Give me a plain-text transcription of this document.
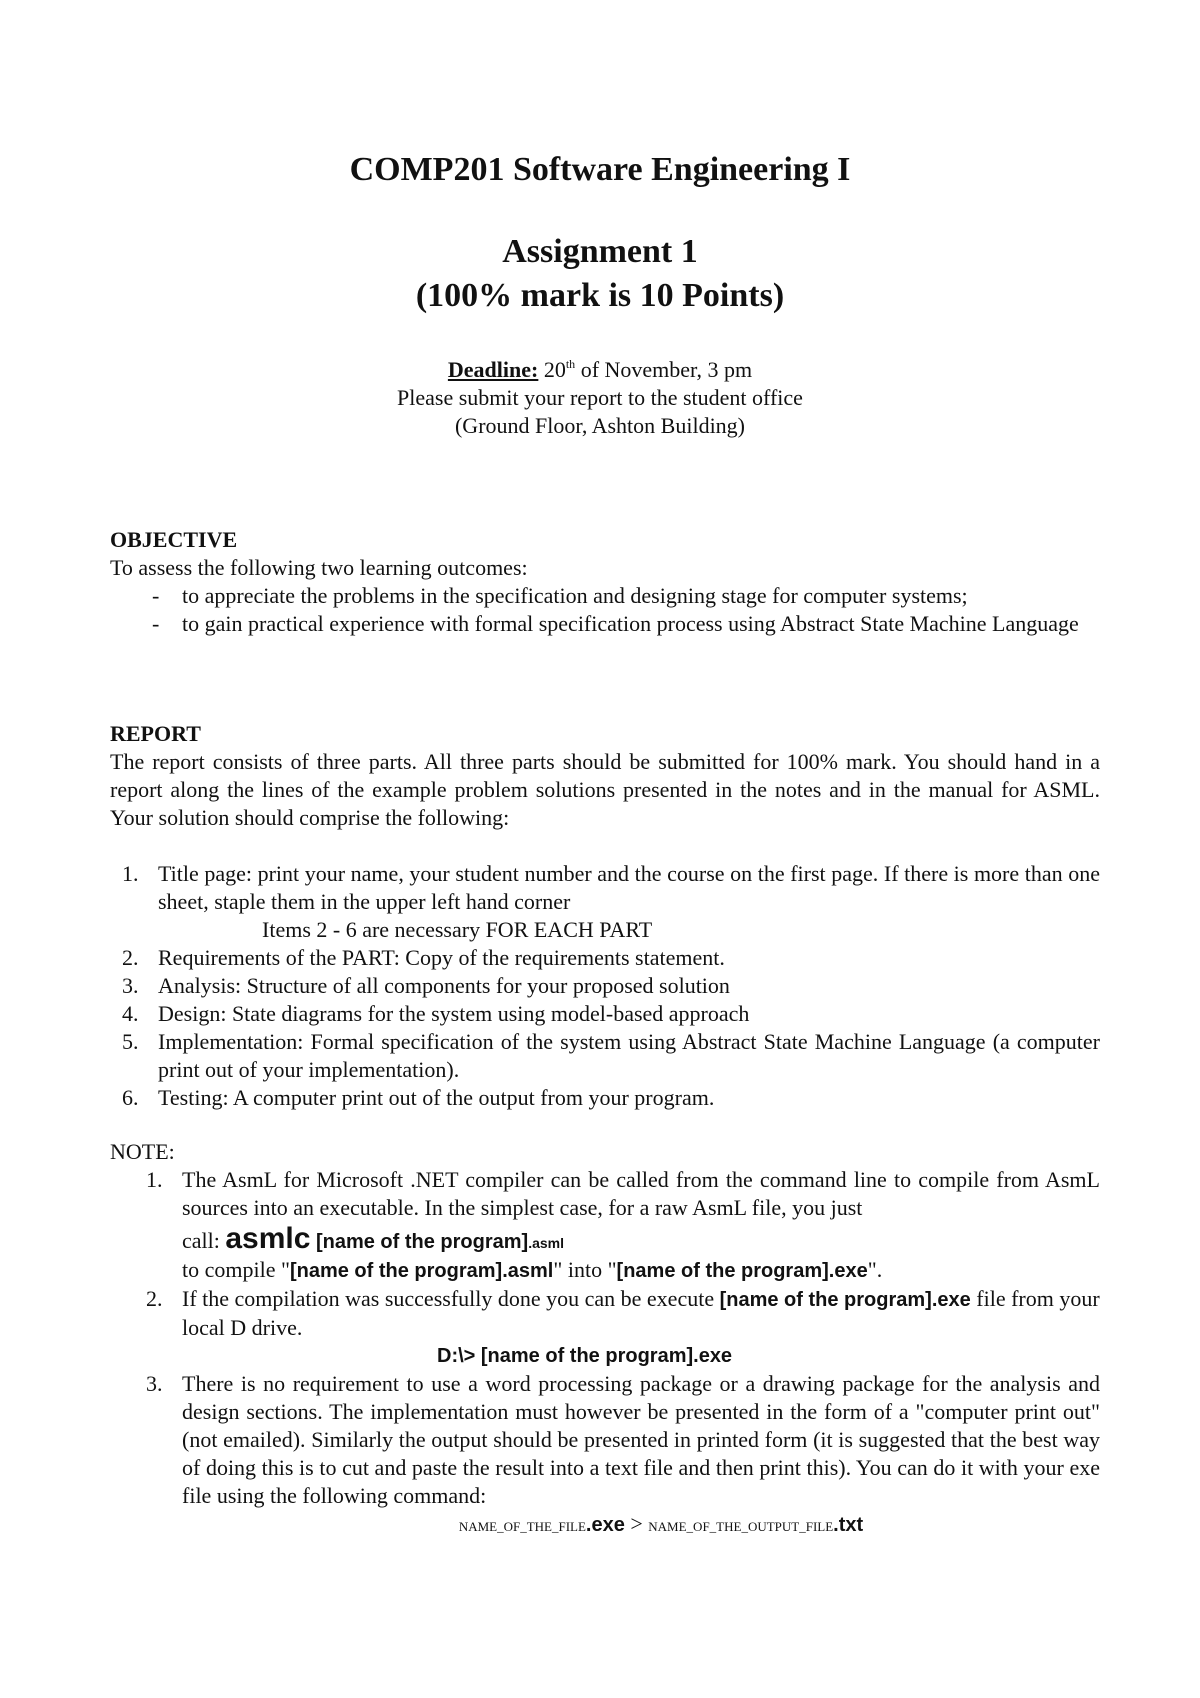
COMP201 Software Engineering I
Assignment 1
(100% mark is 10 Points)
Deadline: 20th of November, 3 pm
Please submit your report to the student office
(Ground Floor, Ashton Building)
OBJECTIVE
To assess the following two learning outcomes:
- to appreciate the problems in the specification and designing stage for computer systems;
- to gain practical experience with formal specification process using Abstract State Machine Language
REPORT
The report consists of three parts. All three parts should be submitted for 100% mark. You should hand in a report along the lines of the example problem solutions presented in the notes and in the manual for ASML. Your solution should comprise the following:
1. Title page: print your name, your student number and the course on the first page. If there is more than one sheet, staple them in the upper left hand corner
Items 2 - 6 are necessary FOR EACH PART
2. Requirements of the PART: Copy of the requirements statement.
3. Analysis: Structure of all components for your proposed solution
4. Design: State diagrams for the system using model-based approach
5. Implementation: Formal specification of the system using Abstract State Machine Language (a computer print out of your implementation).
6. Testing: A computer print out of the output from your program.
NOTE:
1. The AsmL for Microsoft .NET compiler can be called from the command line to compile from AsmL sources into an executable. In the simplest case, for a raw AsmL file, you just
call: asmlc [name of the program].asml
to compile "[name of the program].asml" into "[name of the program].exe".
2. If the compilation was successfully done you can be execute [name of the program].exe file from your local D drive.
D:\> [name of the program].exe
3. There is no requirement to use a word processing package or a drawing package for the analysis and design sections. The implementation must however be presented in the form of a "computer print out" (not emailed). Similarly the output should be presented in printed form (it is suggested that the best way of doing this is to cut and paste the result into a text file and then print this). You can do it with your exe file using the following command:
NAME_OF_THE_FILE.exe > NAME_OF_THE_OUTPUT_FILE.txt
